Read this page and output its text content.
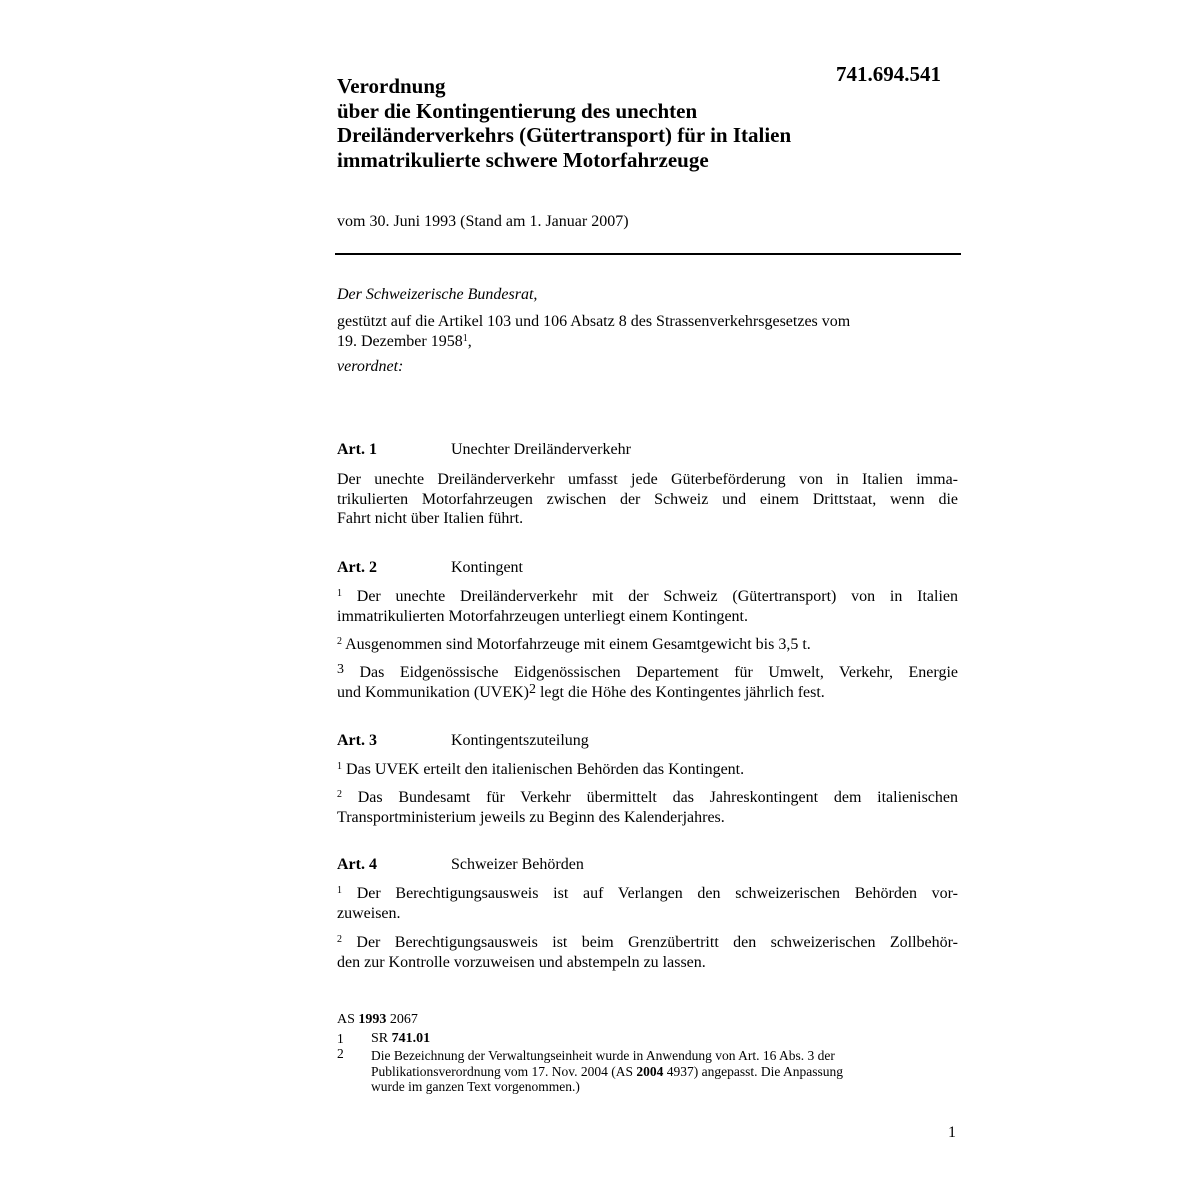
741.694.541
Verordnung
über die Kontingentierung des unechten
Dreiländerverkehrs (Gütertransport) für in Italien
immatrikulierte schwere Motorfahrzeuge
vom 30. Juni 1993 (Stand am 1. Januar 2007)
Der Schweizerische Bundesrat,
gestützt auf die Artikel 103 und 106 Absatz 8 des Strassenverkehrsgesetzes vom
19. Dezember 1958$^1$,
verordnet:
Art. 1	Unechter Dreiländerverkehr
Der unechte Dreiländerverkehr umfasst jede Güterbeförderung von in Italien imma-
trikulierten Motorfahrzeugen zwischen der Schweiz und einem Drittstaat, wenn die
Fahrt nicht über Italien führt.
Art. 2	Kontingent
$^1$ Der unechte Dreiländerverkehr mit der Schweiz (Gütertransport) von in Italien
immatrikulierten Motorfahrzeugen unterliegt einem Kontingent.
$^2$ Ausgenommen sind Motorfahrzeuge mit einem Gesamtgewicht bis 3,5 t.
$^3$ Das Eidgenössische Eidgenössischen Departement für Umwelt, Verkehr, Energie
und Kommunikation (UVEK)$^2$ legt die Höhe des Kontingentes jährlich fest.
Art. 3	Kontingentszuteilung
$^1$ Das UVEK erteilt den italienischen Behörden das Kontingent.
$^2$ Das Bundesamt für Verkehr übermittelt das Jahreskontingent dem italienischen
Transportministerium jeweils zu Beginn des Kalenderjahres.
Art. 4	Schweizer Behörden
$^1$ Der Berechtigungsausweis ist auf Verlangen den schweizerischen Behörden vor-
zuweisen.
$^2$ Der Berechtigungsausweis ist beim Grenzübertritt den schweizerischen Zollbehör-
den zur Kontrolle vorzuweisen und abstempeln zu lassen.
AS 1993 2067
1 SR 741.01
2 Die Bezeichnung der Verwaltungseinheit wurde in Anwendung von Art. 16 Abs. 3 der
Publikationsverordnung vom 17. Nov. 2004 (AS 2004 4937) angepasst. Die Anpassung
wurde im ganzen Text vorgenommen.)
1
